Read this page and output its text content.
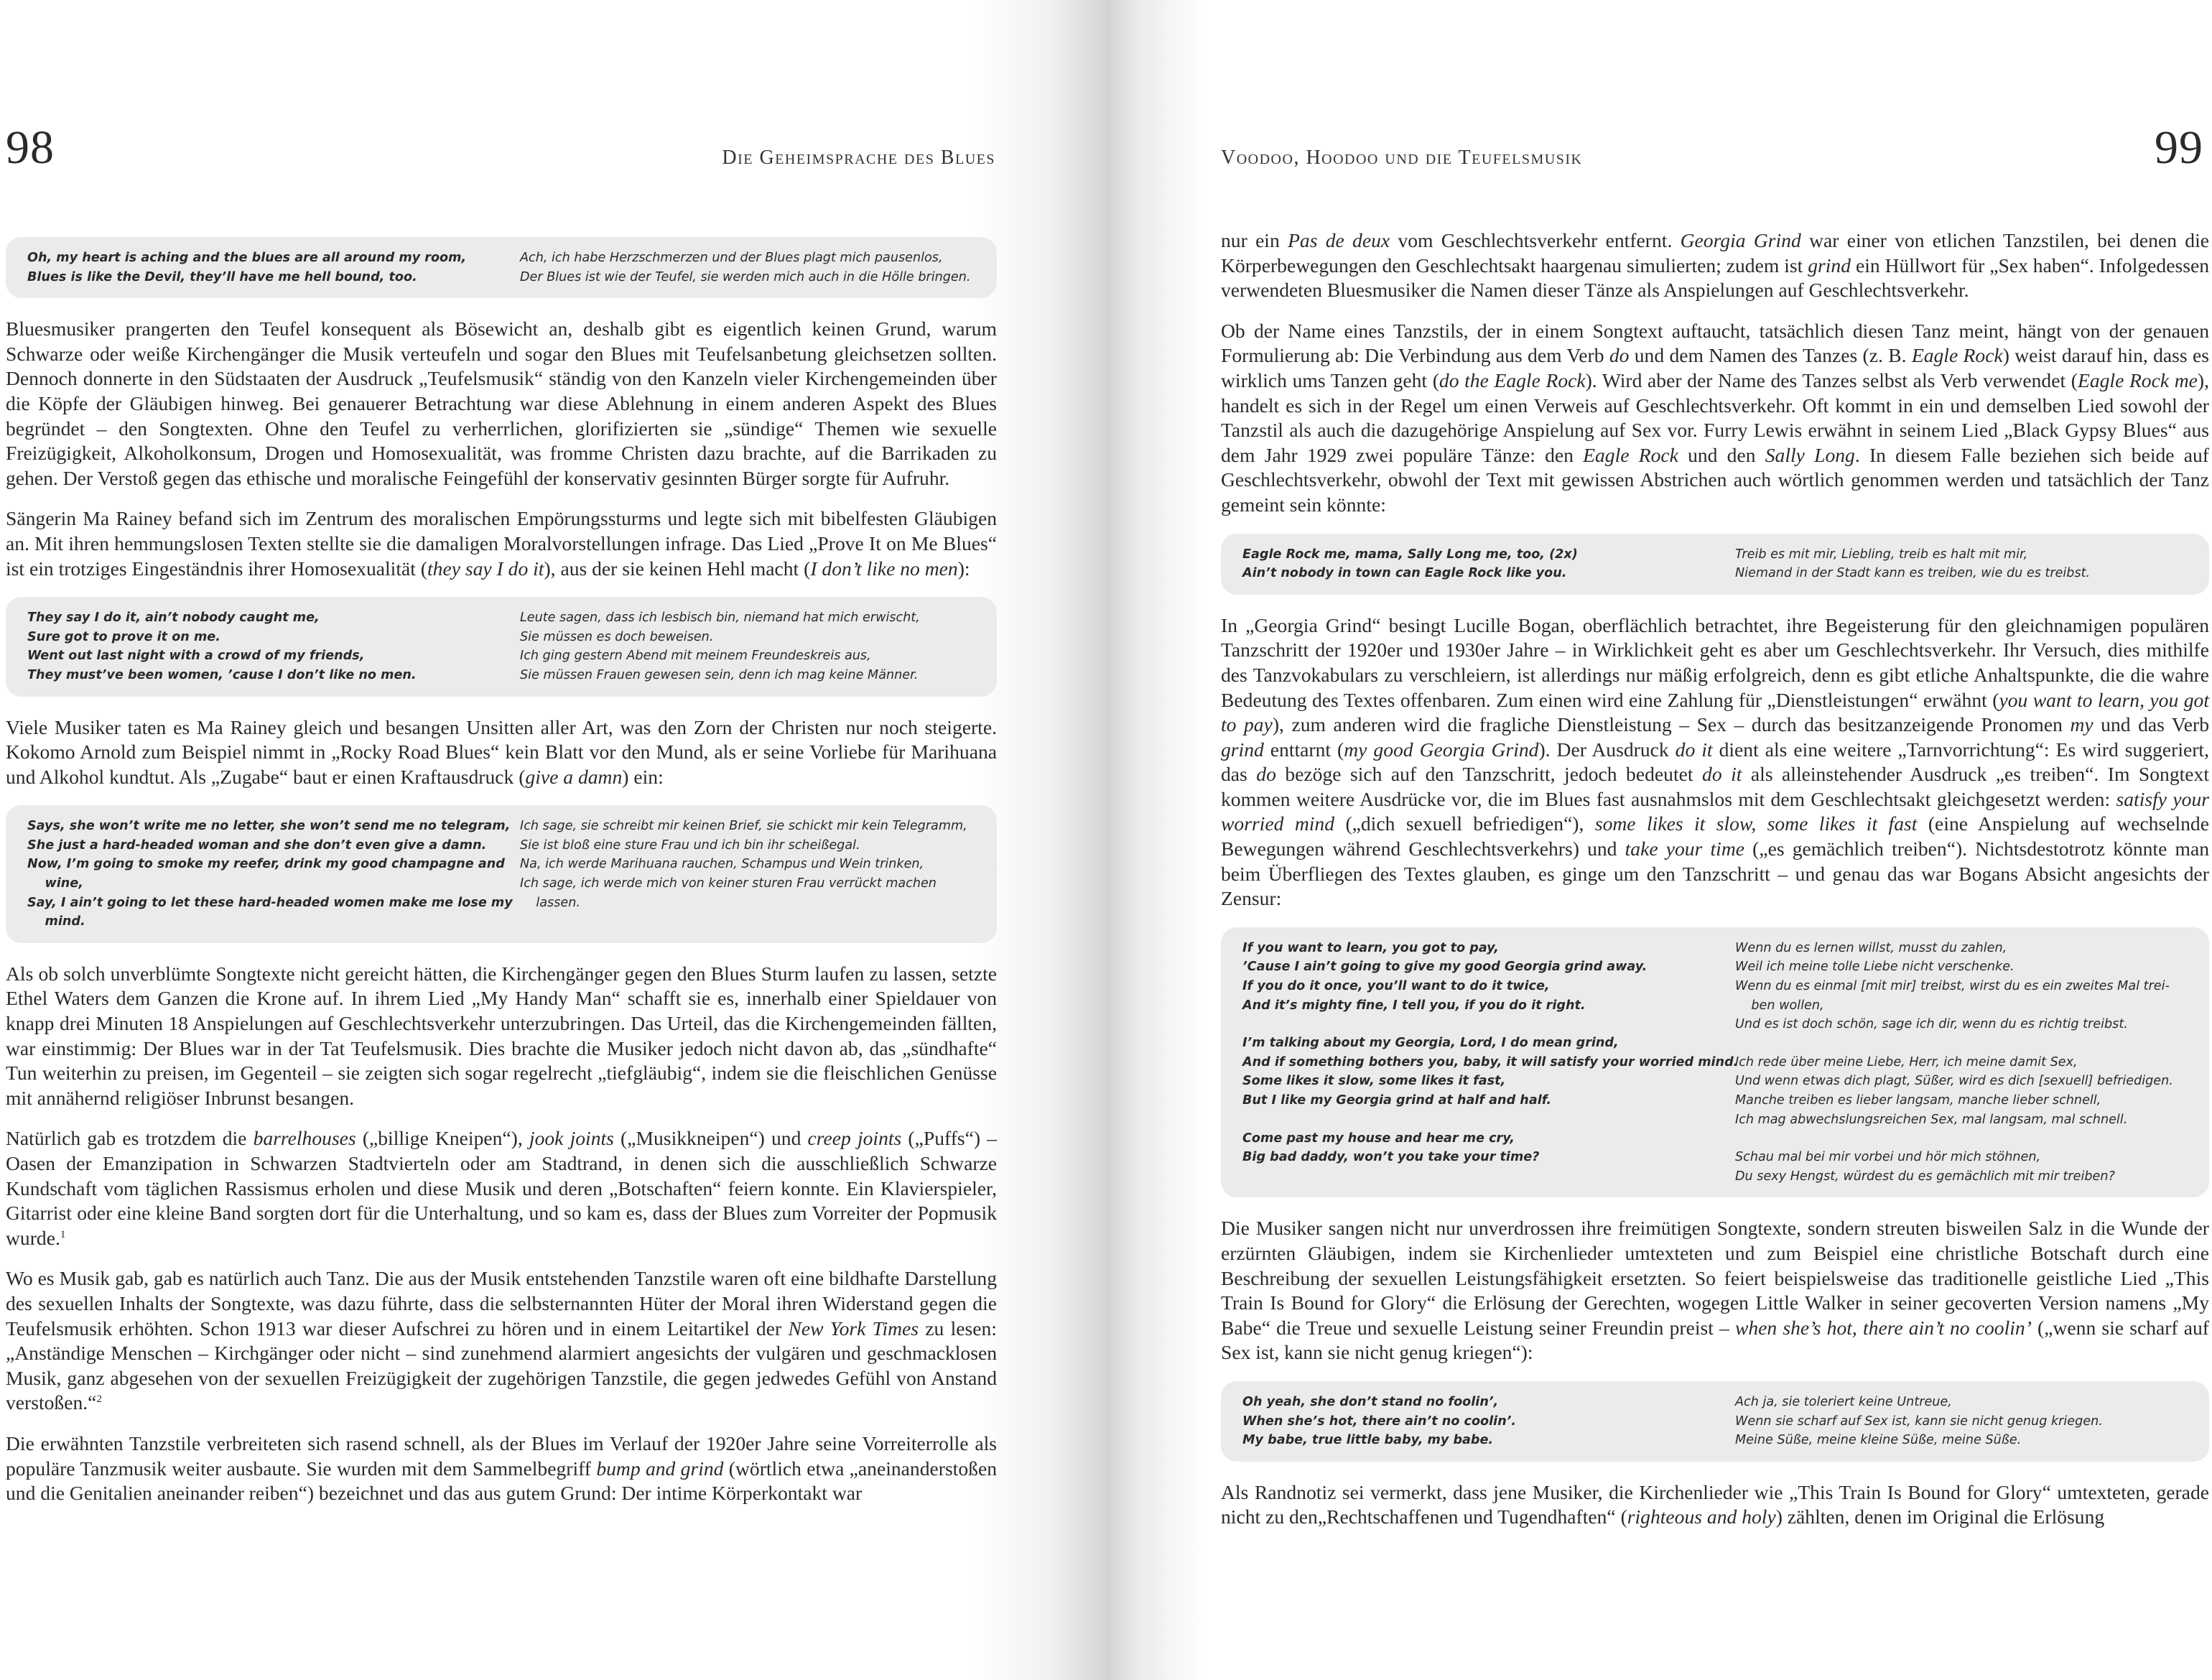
98	Die Geheimsprache des Blues
Oh, my heart is aching and the blues are all around my room,
Blues is like the Devil, they’ll have me hell bound, too.
Ach, ich habe Herzschmerzen und der Blues plagt mich pausenlos,
Der Blues ist wie der Teufel, sie werden mich auch in die Hölle bringen.

Bluesmusiker prangerten den Teufel konsequent als Bösewicht an, deshalb gibt es eigentlich keinen Grund, warum Schwarze oder weiße Kirchengänger die Musik verteufeln und sogar den Blues mit Teufelsanbetung gleichsetzen sollten. Dennoch donnerte in den Südstaaten der Ausdruck „Teufelsmusik“ ständig von den Kanzeln vieler Kirchengemeinden über die Köpfe der Gläubigen hinweg. Bei genauerer Betrachtung war diese Ablehnung in einem anderen Aspekt des Blues begründet – den Songtexten. Ohne den Teufel zu verherrlichen, glorifizierten sie „sündige“ Themen wie sexuelle Freizügigkeit, Alkoholkonsum, Drogen und Homosexualität, was fromme Christen dazu brachte, auf die Barrikaden zu gehen. Der Verstoß gegen das ethische und moralische Feingefühl der konservativ gesinnten Bürger sorgte für Aufruhr.

Sängerin Ma Rainey befand sich im Zentrum des moralischen Empörungssturms und legte sich mit bibelfesten Gläubigen an. Mit ihren hemmungslosen Texten stellte sie die damaligen Moralvorstellungen infrage. Das Lied „Prove It on Me Blues“ ist ein trotziges Eingeständnis ihrer Homosexualität (they say I do it), aus der sie keinen Hehl macht (I don’t like no men):

They say I do it, ain’t nobody caught me,
Sure got to prove it on me.
Went out last night with a crowd of my friends,
They must’ve been women, ’cause I don’t like no men.
Leute sagen, dass ich lesbisch bin, niemand hat mich erwischt,
Sie müssen es doch beweisen.
Ich ging gestern Abend mit meinem Freundeskreis aus,
Sie müssen Frauen gewesen sein, denn ich mag keine Männer.

Viele Musiker taten es Ma Rainey gleich und besangen Unsitten aller Art, was den Zorn der Christen nur noch steigerte. Kokomo Arnold zum Beispiel nimmt in „Rocky Road Blues“ kein Blatt vor den Mund, als er seine Vorliebe für Marihuana und Alkohol kundtut. Als „Zugabe“ baut er einen Kraftausdruck (give a damn) ein:

Says, she won’t write me no letter, she won’t send me no telegram,
She just a hard-headed woman and she don’t even give a damn.
Now, I’m going to smoke my reefer, drink my good champagne and
wine,
Say, I ain’t going to let these hard-headed women make me lose my
mind.
Ich sage, sie schreibt mir keinen Brief, sie schickt mir kein Telegramm,
Sie ist bloß eine sture Frau und ich bin ihr scheißegal.
Na, ich werde Marihuana rauchen, Schampus und Wein trinken,
Ich sage, ich werde mich von keiner sturen Frau verrückt machen
lassen.

Als ob solch unverblümte Songtexte nicht gereicht hätten, die Kirchengänger gegen den Blues Sturm laufen zu lassen, setzte Ethel Waters dem Ganzen die Krone auf. In ihrem Lied „My Handy Man“ schafft sie es, innerhalb einer Spieldauer von knapp drei Minuten 18 Anspielungen auf Geschlechtsverkehr unterzubringen. Das Urteil, das die Kirchengemeinden fällten, war einstimmig: Der Blues war in der Tat Teufelsmusik. Dies brachte die Musiker jedoch nicht davon ab, das „sündhafte“ Tun weiterhin zu preisen, im Gegenteil – sie zeigten sich sogar regelrecht „tiefgläubig“, indem sie die fleischlichen Genüsse mit annähernd religiöser Inbrunst besangen.

Natürlich gab es trotzdem die barrelhouses („billige Kneipen“), jook joints („Musikkneipen“) und creep joints („Puffs“) – Oasen der Emanzipation in Schwarzen Stadtvierteln oder am Stadtrand, in denen sich die ausschließlich Schwarze Kundschaft vom täglichen Rassismus erholen und diese Musik und deren „Botschaften“ feiern konnte. Ein Klavierspieler, Gitarrist oder eine kleine Band sorgten dort für die Unterhaltung, und so kam es, dass der Blues zum Vorreiter der Popmusik wurde.$^1$

Wo es Musik gab, gab es natürlich auch Tanz. Die aus der Musik entstehenden Tanzstile waren oft eine bildhafte Darstellung des sexuellen Inhalts der Songtexte, was dazu führte, dass die selbsternannten Hüter der Moral ihren Widerstand gegen die Teufelsmusik erhöhten. Schon 1913 war dieser Aufschrei zu hören und in einem Leitartikel der New York Times zu lesen: „Anständige Menschen – Kirchgänger oder nicht – sind zunehmend alarmiert angesichts der vulgären und geschmacklosen Musik, ganz abgesehen von der sexuellen Freizügigkeit der zugehörigen Tanzstile, die gegen jedwedes Gefühl von Anstand verstoßen.“$^2$

Die erwähnten Tanzstile verbreiteten sich rasend schnell, als der Blues im Verlauf der 1920er Jahre seine Vorreiterrolle als populäre Tanzmusik weiter ausbaute. Sie wurden mit dem Sammelbegriff bump and grind (wörtlich etwa „aneinanderstoßen und die Genitalien aneinander reiben“) bezeichnet und das aus gutem Grund: Der intime Körperkontakt war

Voodoo, Hoodoo und die Teufelsmusik	99

nur ein Pas de deux vom Geschlechtsverkehr entfernt. Georgia Grind war einer von etlichen Tanzstilen, bei denen die Körperbewegungen den Geschlechtsakt haargenau simulierten; zudem ist grind ein Hüllwort für „Sex haben“. Infolgedessen verwendeten Bluesmusiker die Namen dieser Tänze als Anspielungen auf Geschlechtsverkehr.

Ob der Name eines Tanzstils, der in einem Songtext auftaucht, tatsächlich diesen Tanz meint, hängt von der genauen Formulierung ab: Die Verbindung aus dem Verb do und dem Namen des Tanzes (z. B. Eagle Rock) weist darauf hin, dass es wirklich ums Tanzen geht (do the Eagle Rock). Wird aber der Name des Tanzes selbst als Verb verwendet (Eagle Rock me), handelt es sich in der Regel um einen Verweis auf Geschlechtsverkehr. Oft kommt in ein und demselben Lied sowohl der Tanzstil als auch die dazugehörige Anspielung auf Sex vor. Furry Lewis erwähnt in seinem Lied „Black Gypsy Blues“ aus dem Jahr 1929 zwei populäre Tänze: den Eagle Rock und den Sally Long. In diesem Falle beziehen sich beide auf Geschlechtsverkehr, obwohl der Text mit gewissen Abstrichen auch wörtlich genommen werden und tatsächlich der Tanz gemeint sein könnte:

Eagle Rock me, mama, Sally Long me, too, (2x)
Ain’t nobody in town can Eagle Rock like you.
Treib es mit mir, Liebling, treib es halt mit mir,
Niemand in der Stadt kann es treiben, wie du es treibst.

In „Georgia Grind“ besingt Lucille Bogan, oberflächlich betrachtet, ihre Begeisterung für den gleichnamigen populären Tanzschritt der 1920er und 1930er Jahre – in Wirklichkeit geht es aber um Geschlechtsverkehr. Ihr Versuch, dies mithilfe des Tanzvokabulars zu verschleiern, ist allerdings nur mäßig erfolgreich, denn es gibt etliche Anhaltspunkte, die die wahre Bedeutung des Textes offenbaren. Zum einen wird eine Zahlung für „Dienstleistungen“ erwähnt (you want to learn, you got to pay), zum anderen wird die fragliche Dienstleistung – Sex – durch das besitzanzeigende Pronomen my und das Verb grind enttarnt (my good Georgia Grind). Der Ausdruck do it dient als eine weitere „Tarnvorrichtung“: Es wird suggeriert, das do bezöge sich auf den Tanzschritt, jedoch bedeutet do it als alleinstehender Ausdruck „es treiben“. Im Songtext kommen weitere Ausdrücke vor, die im Blues fast ausnahmslos mit dem Geschlechtsakt gleichgesetzt werden: satisfy your worried mind („dich sexuell befriedigen“), some likes it slow, some likes it fast (eine Anspielung auf wechselnde Bewegungen während Geschlechtsverkehrs) und take your time („es gemächlich treiben“). Nichtsdestotrotz könnte man beim Überfliegen des Textes glauben, es ginge um den Tanzschritt – und genau das war Bogans Absicht angesichts der Zensur:

If you want to learn, you got to pay,
’Cause I ain’t going to give my good Georgia grind away.
If you do it once, you’ll want to do it twice,
And it’s mighty fine, I tell you, if you do it right.
I’m talking about my Georgia, Lord, I do mean grind,
And if something bothers you, baby, it will satisfy your worried mind.
Some likes it slow, some likes it fast,
But I like my Georgia grind at half and half.
Come past my house and hear me cry,
Big bad daddy, won’t you take your time?
Wenn du es lernen willst, musst du zahlen,
Weil ich meine tolle Liebe nicht verschenke.
Wenn du es einmal [mit mir] treibst, wirst du es ein zweites Mal trei-
ben wollen,
Und es ist doch schön, sage ich dir, wenn du es richtig treibst.
Ich rede über meine Liebe, Herr, ich meine damit Sex,
Und wenn etwas dich plagt, Süßer, wird es dich [sexuell] befriedigen.
Manche treiben es lieber langsam, manche lieber schnell,
Ich mag abwechslungsreichen Sex, mal langsam, mal schnell.
Schau mal bei mir vorbei und hör mich stöhnen,
Du sexy Hengst, würdest du es gemächlich mit mir treiben?

Die Musiker sangen nicht nur unverdrossen ihre freimütigen Songtexte, sondern streuten bisweilen Salz in die Wunde der erzürnten Gläubigen, indem sie Kirchenlieder umtexteten und zum Beispiel eine christliche Botschaft durch eine Beschreibung der sexuellen Leistungsfähigkeit ersetzten. So feiert beispielsweise das traditionelle geistliche Lied „This Train Is Bound for Glory“ die Erlösung der Gerechten, wogegen Little Walker in seiner gecoverten Version namens „My Babe“ die Treue und sexuelle Leistung seiner Freundin preist – when she’s hot, there ain’t no coolin’ („wenn sie scharf auf Sex ist, kann sie nicht genug kriegen“):

Oh yeah, she don’t stand no foolin’,
When she’s hot, there ain’t no coolin’.
My babe, true little baby, my babe.
Ach ja, sie toleriert keine Untreue,
Wenn sie scharf auf Sex ist, kann sie nicht genug kriegen.
Meine Süße, meine kleine Süße, meine Süße.

Als Randnotiz sei vermerkt, dass jene Musiker, die Kirchenlieder wie „This Train Is Bound for Glory“ umtexteten, gerade nicht zu den„Rechtschaffenen und Tugendhaften“ (righteous and holy) zählten, denen im Original die Erlösung
